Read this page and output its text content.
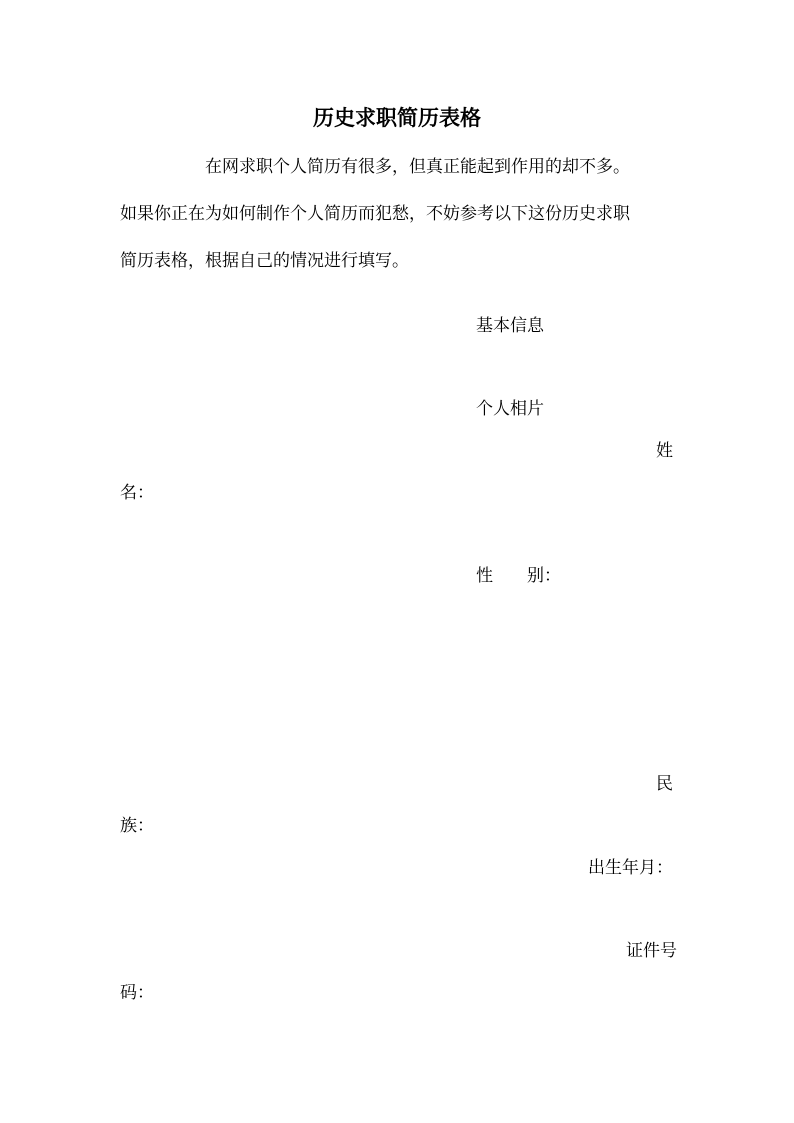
历史求职简历表格
在网求职个人简历有很多，但真正能起到作用的却不多。
如果你正在为如何制作个人简历而犯愁，不妨参考以下这份历史求职
简历表格，根据自己的情况进行填写。

基本信息

个人相片

姓

名：

性 别：

民

族：

出生年月：

证件号

码：
